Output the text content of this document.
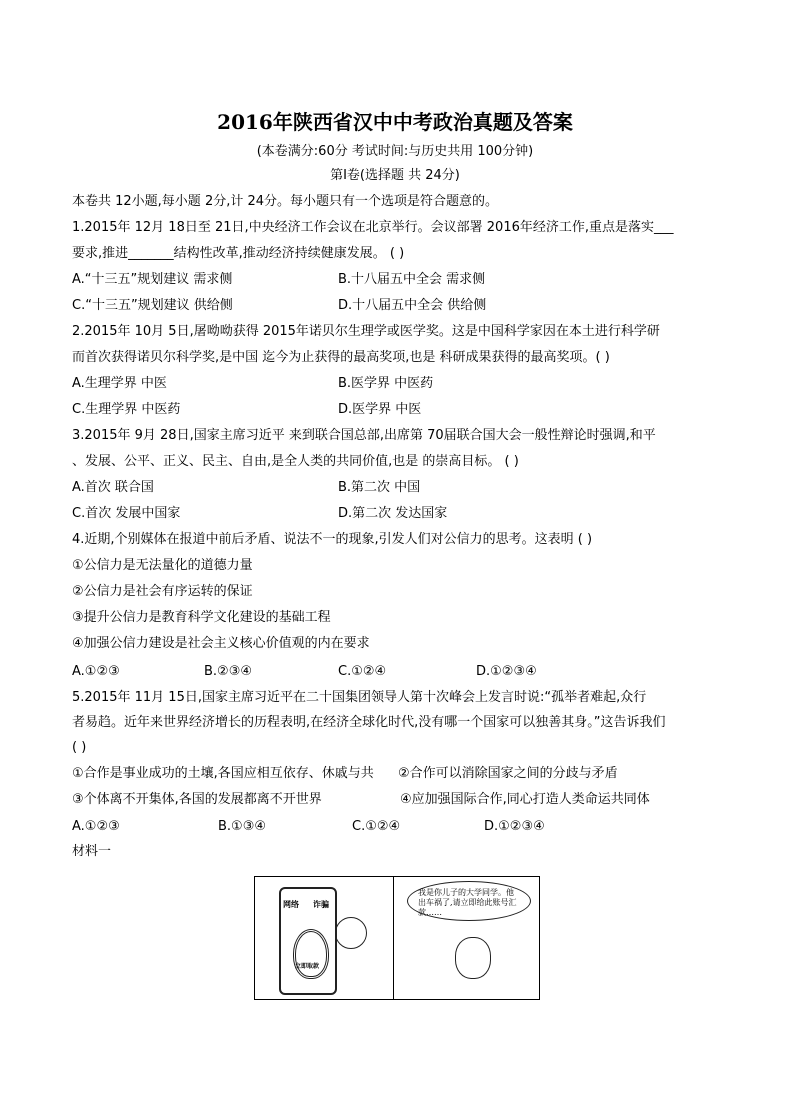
2016年陕西省汉中中考政治真题及答案
(本卷满分:60分 考试时间:与历史共用 100分钟)
第Ⅰ卷(选择题 共 24分)
本卷共 12小题,每小题 2分,计 24分。每小题只有一个选项是符合题意的。
1.2015年 12月 18日至 21日,中央经济工作会议在北京举行。会议部署 2016年经济工作,重点是落实___
要求,推进_______结构性改革,推动经济持续健康发展。 ( )
A.“十三五”规划建议 需求侧	B.十八届五中全会 需求侧
C.“十三五”规划建议 供给侧	D.十八届五中全会 供给侧
2.2015年 10月 5日,屠呦呦获得 2015年诺贝尔生理学或医学奖。这是中国科学家因在本土进行科学研
而首次获得诺贝尔科学奖,是中国 迄今为止获得的最高奖项,也是 科研成果获得的最高奖项。( )
A.生理学界 中医	B.医学界 中医药
C.生理学界 中医药	D.医学界 中医
3.2015年 9月 28日,国家主席习近平 来到联合国总部,出席第 70届联合国大会一般性辩论时强调,和平
、发展、公平、正义、民主、自由,是全人类的共同价值,也是 的崇高目标。 ( )
A.首次 联合国	B.第二次 中国
C.首次 发展中国家	D.第二次 发达国家
4.近期,个别媒体在报道中前后矛盾、说法不一的现象,引发人们对公信力的思考。这表明 ( )
①公信力是无法量化的道德力量
②公信力是社会有序运转的保证
③提升公信力是教育科学文化建设的基础工程
④加强公信力建设是社会主义核心价值观的内在要求
A.①②③	B.②③④	C.①②④	D.①②③④
5.2015年 11月 15日,国家主席习近平在二十国集团领导人第十次峰会上发言时说:“孤举者难起,众行
者易趋。近年来世界经济增长的历程表明,在经济全球化时代,没有哪一个国家可以独善其身。”这告诉我们
( )
①合作是事业成功的土壤,各国应相互依存、休戚与共 ②合作可以消除国家之间的分歧与矛盾
③个体离不开集体,各国的发展都离不开世界	④应加强国际合作,同心打造人类命运共同体
A.①②③	B.①③④	C.①②④	D.①②③④
材料一
网络 诈骗
立即取款
我是你儿子的大学同学。他出车祸了,请立即给此账号汇款……
